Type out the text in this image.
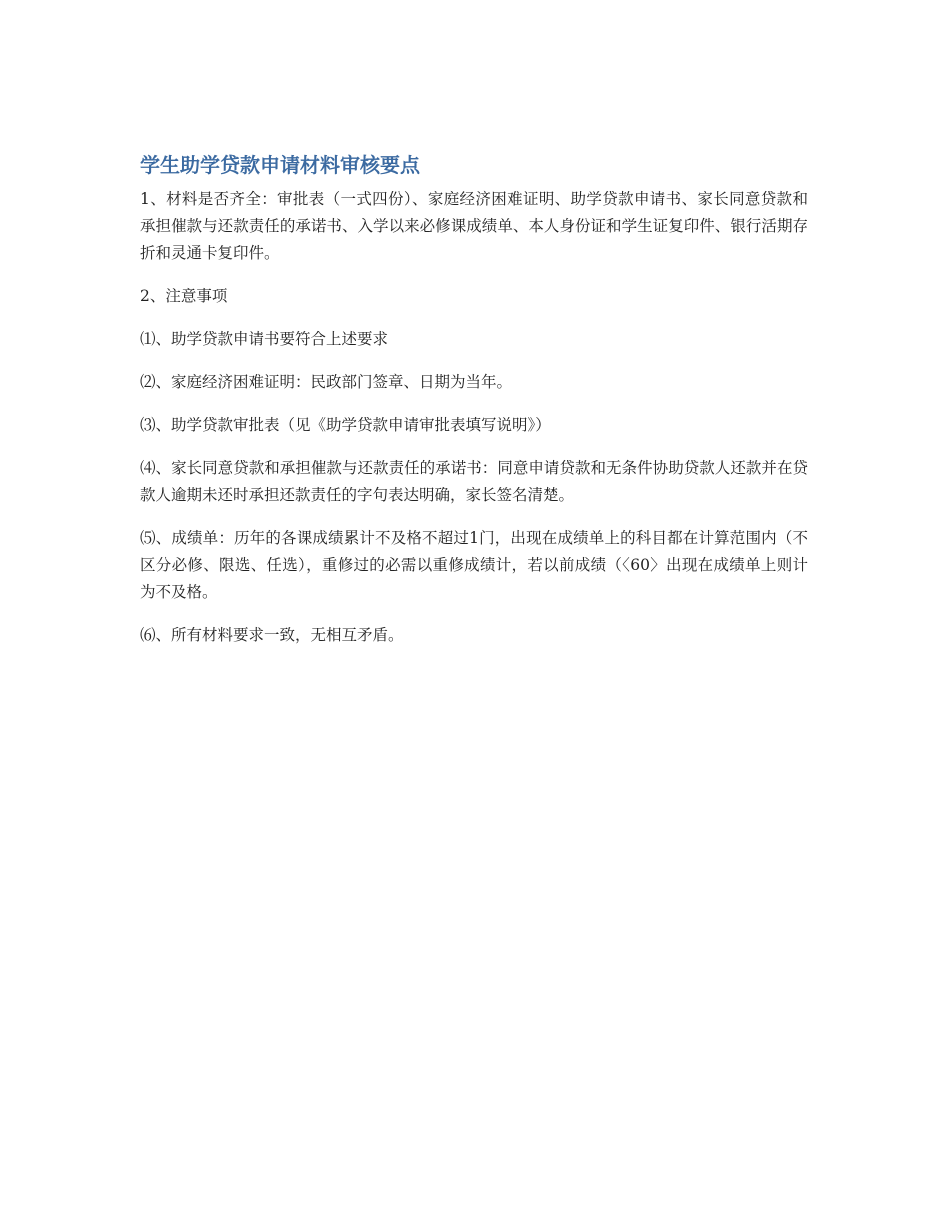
学生助学贷款申请材料审核要点

1、材料是否齐全：审批表（一式四份）、家庭经济困难证明、助学贷款申请书、家长同意贷款和承担催款与还款责任的承诺书、入学以来必修课成绩单、本人身份证和学生证复印件、银行活期存折和灵通卡复印件。

2、注意事项

⑴、助学贷款申请书要符合上述要求

⑵、家庭经济困难证明：民政部门签章、日期为当年。

⑶、助学贷款审批表（见《助学贷款申请审批表填写说明》）

⑷、家长同意贷款和承担催款与还款责任的承诺书：同意申请贷款和无条件协助贷款人还款并在贷款人逾期未还时承担还款责任的字句表达明确，家长签名清楚。

⑸、成绩单：历年的各课成绩累计不及格不超过1门，出现在成绩单上的科目都在计算范围内（不区分必修、限选、任选），重修过的必需以重修成绩计，若以前成绩（〈60〉出现在成绩单上则计为不及格。

⑹、所有材料要求一致，无相互矛盾。
